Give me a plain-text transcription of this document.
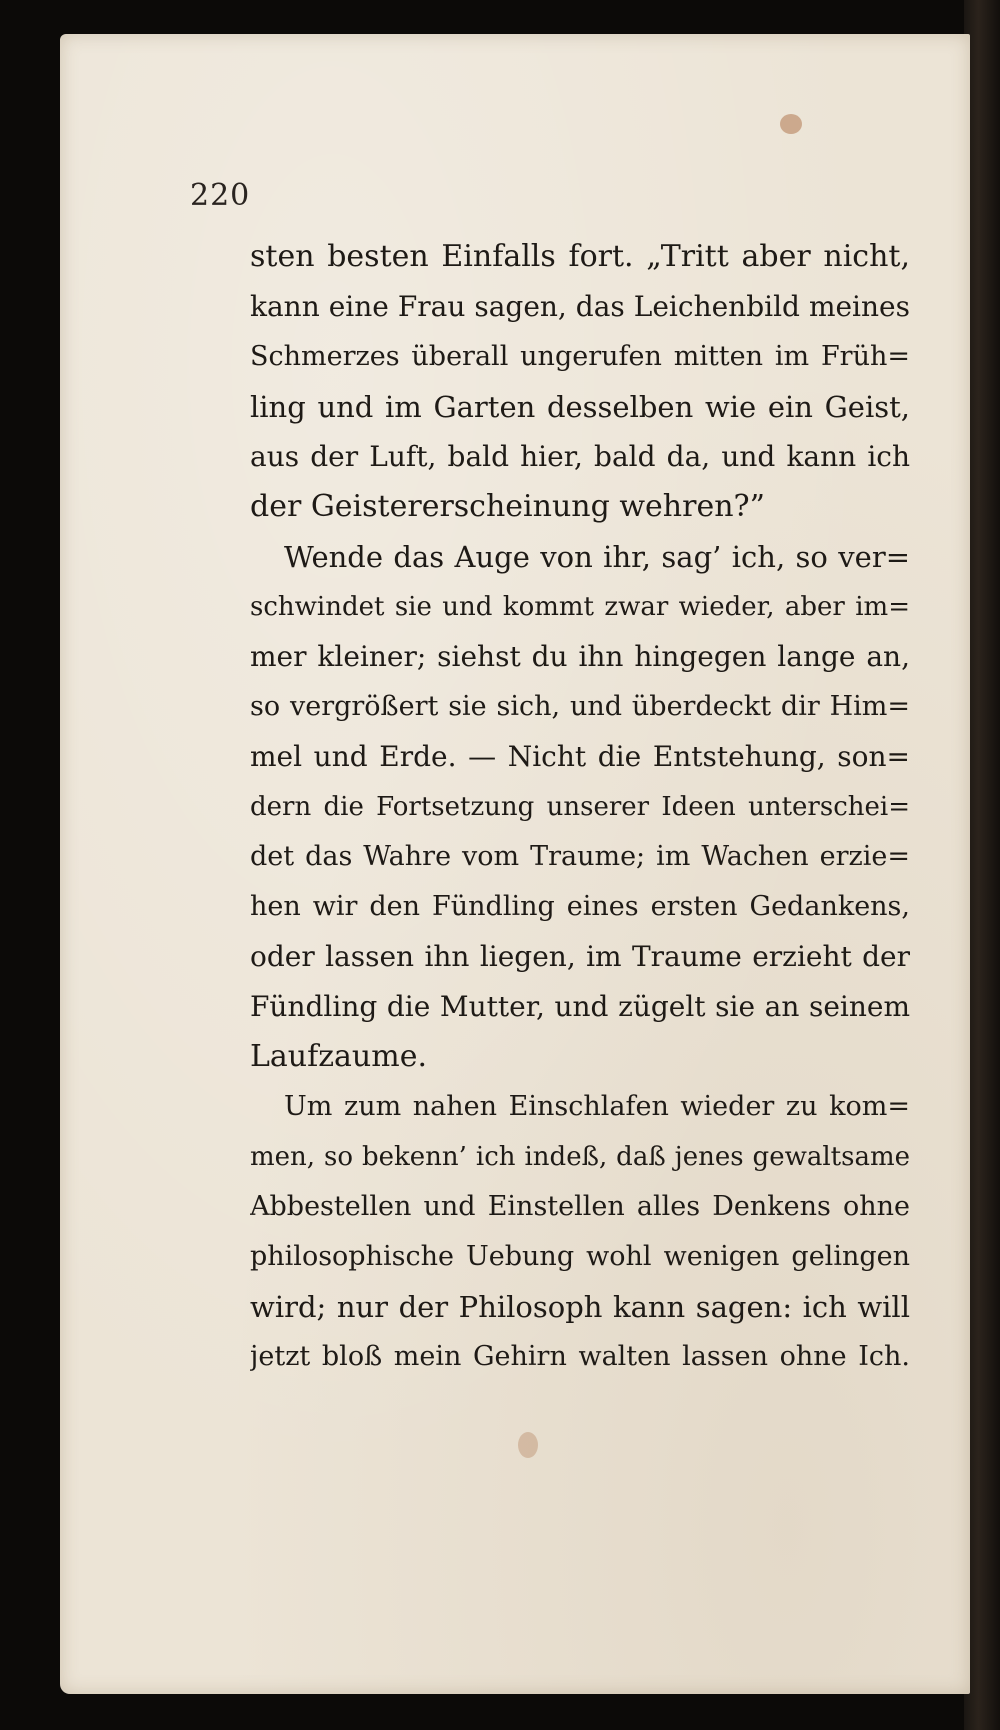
220
sten besten Einfalls fort. „Tritt aber nicht,
kann eine Frau sagen, das Leichenbild meines
Schmerzes überall ungerufen mitten im Früh=
ling und im Garten desselben wie ein Geist,
aus der Luft, bald hier, bald da, und kann ich
der Geistererscheinung wehren?”
Wende das Auge von ihr, sag’ ich, so ver=
schwindet sie und kommt zwar wieder, aber im=
mer kleiner; siehst du ihn hingegen lange an,
so vergrößert sie sich, und überdeckt dir Him=
mel und Erde. — Nicht die Entstehung, son=
dern die Fortsetzung unserer Ideen unterschei=
det das Wahre vom Traume; im Wachen erzie=
hen wir den Fündling eines ersten Gedankens,
oder lassen ihn liegen, im Traume erzieht der
Fündling die Mutter, und zügelt sie an seinem
Laufzaume.
Um zum nahen Einschlafen wieder zu kom=
men, so bekenn’ ich indeß, daß jenes gewaltsame
Abbestellen und Einstellen alles Denkens ohne
philosophische Uebung wohl wenigen gelingen
wird; nur der Philosoph kann sagen: ich will
jetzt bloß mein Gehirn walten lassen ohne Ich.
